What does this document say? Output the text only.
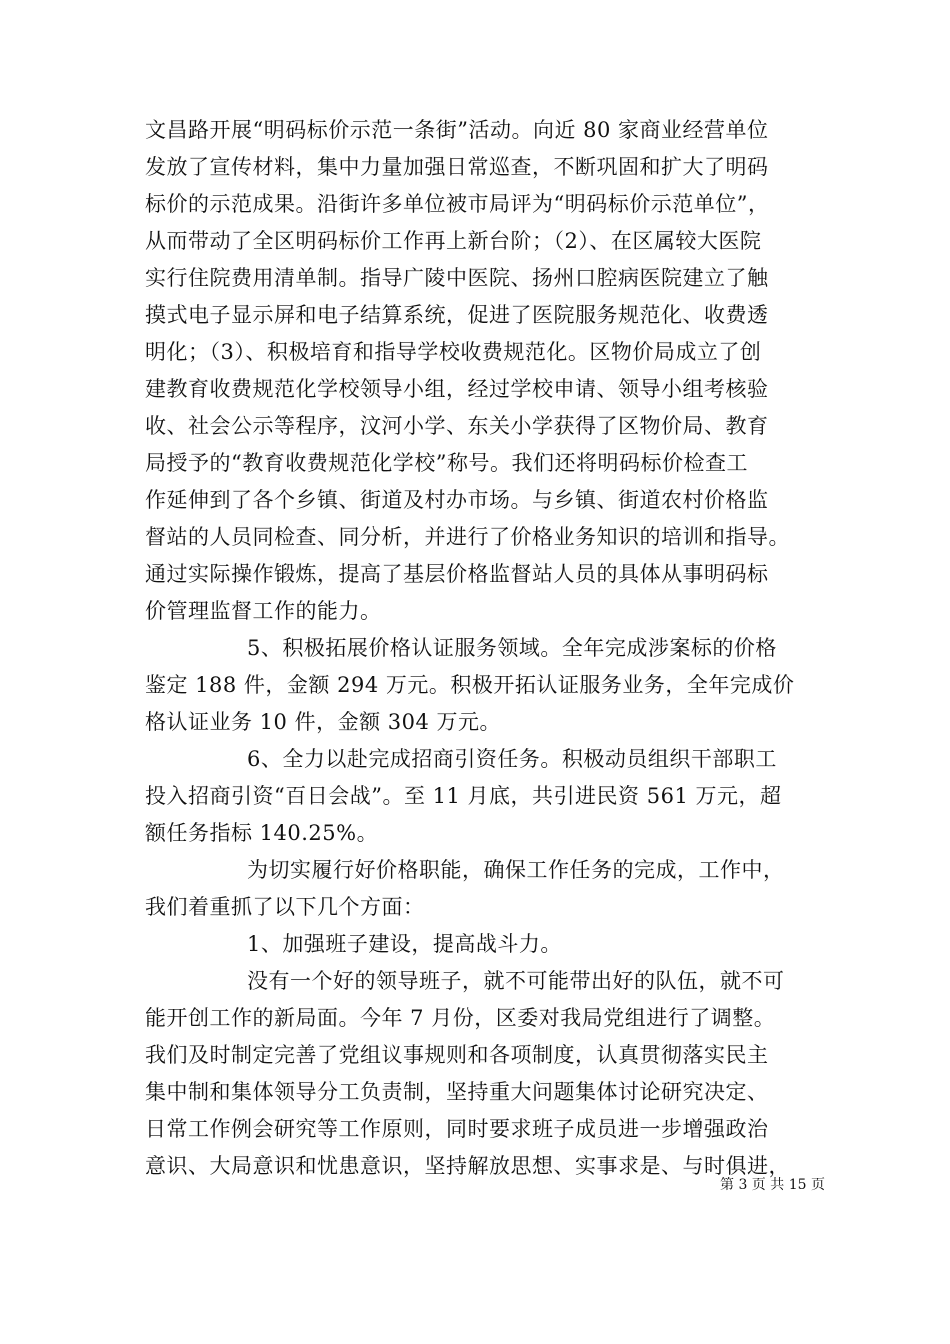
文昌路开展“明码标价示范一条街”活动。向近 80 家商业经营单位
发放了宣传材料，集中力量加强日常巡查，不断巩固和扩大了明码
标价的示范成果。沿街许多单位被市局评为“明码标价示范单位”，
从而带动了全区明码标价工作再上新台阶；（2）、在区属较大医院
实行住院费用清单制。指导广陵中医院、扬州口腔病医院建立了触
摸式电子显示屏和电子结算系统，促进了医院服务规范化、收费透
明化；（3）、积极培育和指导学校收费规范化。区物价局成立了创
建教育收费规范化学校领导小组，经过学校申请、领导小组考核验
收、社会公示等程序，汶河小学、东关小学获得了区物价局、教育
局授予的“教育收费规范化学校”称号。我们还将明码标价检查工
作延伸到了各个乡镇、街道及村办市场。与乡镇、街道农村价格监
督站的人员同检查、同分析，并进行了价格业务知识的培训和指导。
通过实际操作锻炼，提高了基层价格监督站人员的具体从事明码标
价管理监督工作的能力。
5、积极拓展价格认证服务领域。全年完成涉案标的价格
鉴定 188 件，金额 294 万元。积极开拓认证服务业务，全年完成价
格认证业务 10 件，金额 304 万元。
6、全力以赴完成招商引资任务。积极动员组织干部职工
投入招商引资“百日会战”。至 11 月底，共引进民资 561 万元，超
额任务指标 140.25%。
为切实履行好价格职能，确保工作任务的完成，工作中，
我们着重抓了以下几个方面：
1、加强班子建设，提高战斗力。
没有一个好的领导班子，就不可能带出好的队伍，就不可
能开创工作的新局面。今年 7 月份，区委对我局党组进行了调整。
我们及时制定完善了党组议事规则和各项制度，认真贯彻落实民主
集中制和集体领导分工负责制，坚持重大问题集体讨论研究决定、
日常工作例会研究等工作原则，同时要求班子成员进一步增强政治
意识、大局意识和忧患意识，坚持解放思想、实事求是、与时俱进，
第 3 页 共 15 页
